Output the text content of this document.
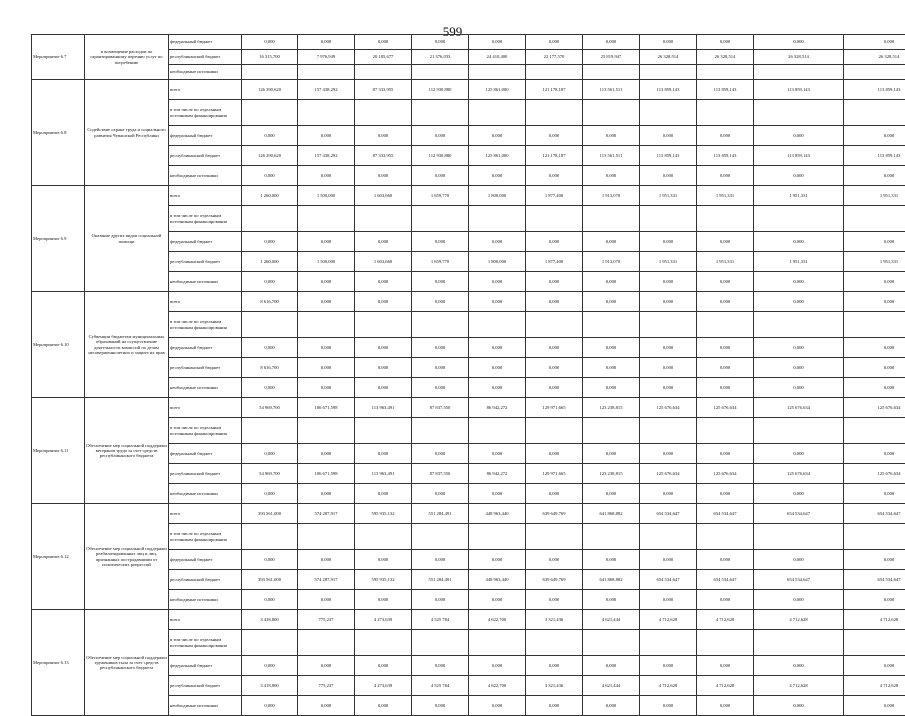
599
Мероприятие 6.7	и возмещение расходов по гарантированному перечню услуг по погребению	федеральный бюджет	0,000	0,000	0,000	0,000	0,000	0,000	0,000	0,000	0,000	0,000	0,000
		республиканский бюджет	16 315,700	7 976,949	20 185,677	21 376,033	24 410,400	22 177,570	25 819,947	26 328,514	26 328,514	26 328,514	26 328,514
		необходимые источники											
Мероприятие 6.8	Содействие охране труда и социального развития Чувашской Республики	всего	126 390,620	157 438,292	87 333,955	112 930,880	125 861,000	121 178,187	113 561,511	113 859,143	113 859,143	113 859,143	113 859,143
		в том числе по отдельным источникам финансирования											
		федеральный бюджет	0,000	0,000	0,000	0,000	0,000	0,000	0,000	0,000	0,000	0,000	0,000
		республиканский бюджет	126 390,620	157 438,292	87 333,955	112 930,880	125 861,000	121 178,187	113 561,511	113 859,143	113 859,143	113 859,143	113 859,143
		необходимые источники	0,000	0,000	0,000	0,000	0,000	0,000	0,000	0,000	0,000	0,000	0,000
Мероприятие 6.9	Оказание других видов социальной помощи	всего	1 260,000	1 500,000	1 603,660	1 659,770	1 800,000	1 877,400	1 913,070	1 951,331	1 951,331	1 951,331	1 951,331
		в том числе по отдельным источникам финансирования											
		федеральный бюджет	0,000	0,000	0,000	0,000	0,000	0,000	0,000	0,000	0,000	0,000	0,000
		республиканский бюджет	1 260,000	1 500,000	1 603,660	1 659,770	1 800,000	1 877,400	1 913,070	1 951,331	1 951,331	1 951,331	1 951,331
		необходимые источники	0,000	0,000	0,000	0,000	0,000	0,000	0,000	0,000	0,000	0,000	0,000
Мероприятие 6.10	Субвенции бюджетам муниципальных образований на осуществление деятельности комиссий по делам несовершеннолетних и защите их прав	всего	8 616,700	0,000	0,000	0,000	0,000	0,000	0,000	0,000	0,000	0,000	0,000
		в том числе по отдельным источникам финансирования											
		федеральный бюджет	0,000	0,000	0,000	0,000	0,000	0,000	0,000	0,000	0,000	0,000	0,000
		республиканский бюджет	8 616,700	0,000	0,000	0,000	0,000	0,000	0,000	0,000	0,000	0,000	0,000
		необходимые источники	0,000	0,000	0,000	0,000	0,000	0,000	0,000	0,000	0,000	0,000	0,000
Мероприятие 6.11	Обеспечение мер социальной поддержки ветеранов труда за счет средств республиканского бюджета	всего	54 969,700	106 671,598	113 963,491	87 837,550	86 942,272	129 971,665	123 238,815	125 676,634	125 676,634	125 676,634	125 676,634
		в том числе по отдельным источникам финансирования											
		федеральный бюджет	0,000	0,000	0,000	0,000	0,000	0,000	0,000	0,000	0,000	0,000	0,000
		республиканский бюджет	54 969,700	106 671,598	113 963,491	87 837,550	86 942,272	129 971,665	123 238,815	125 676,634	125 676,634	125 676,634	125 676,634
		необходимые источники	0,000	0,000	0,000	0,000	0,000	0,000	0,000	0,000	0,000	0,000	0,000
Мероприятие 6.12	Обеспечение мер социальной поддержки реабилитированных лиц и лиц, признанных пострадавшими от политических репрессий	всего	393 561,000	574 287,917	595 935,132	551 284,491	448 963,440	639 649,769	641 868,882	654 534,647	654 534,647	654 534,647	654 534,647
		в том числе по отдельным источникам финансирования											
		федеральный бюджет	0,000	0,000	0,000	0,000	0,000	0,000	0,000	0,000	0,000	0,000	0,000
		республиканский бюджет	393 561,000	574 287,917	595 935,132	551 284,491	448 963,440	639 649,769	641 868,882	654 534,647	654 534,647	654 534,647	654 534,647
		необходимые источники	0,000	0,000	0,000	0,000	0,000	0,000	0,000	0,000	0,000	0,000	0,000
Мероприятие 6.13	Обеспечение мер социальной поддержки тружеников тыла за счет средств республиканского бюджета	всего	3 418,800	775,237	4 273,639	4 525 784	4 622,700	3 321,436	4 621,444	4 712,628	4 712,628	4 712,628	4 712,628
		в том числе по отдельным источникам финансирования											
		федеральный бюджет	0,000	0,000	0,000	0,000	0,000	0,000	0,000	0,000	0,000	0,000	0,000
		республиканский бюджет	3 418,800	775,237	4 273,639	4 525 784	4 622,700	3 321,436	4 621,444	4 712,628	4 712,628	4 712,628	4 712,628
		необходимые источники	0,000	0,000	0,000	0,000	0,000	0,000	0,000	0,000	0,000	0,000	0,000
